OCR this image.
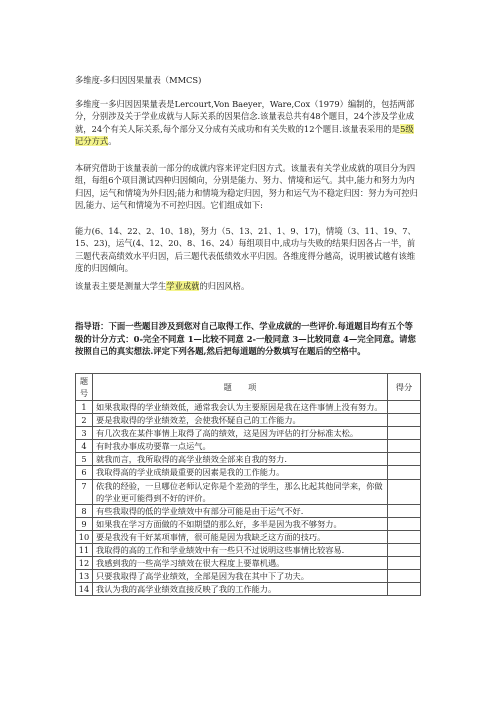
多维度-多归因因果量表（MMCS)
多维度一多归因因果量表是Lercourt,Von Baeyer，Ware,Cox（1979）编制的，包括两部分，分别涉及关于学业成就与人际关系的因果信念.该量表总共有48个题目，24个涉及学业成就，24个有关人际关系,每个部分又分成有关成功和有关失败的12个题目.该量表采用的是5级记分方式。
本研究借助于该量表前一部分的成就内容来评定归因方式。该量表有关学业成就的项目分为四组，每组6个项目测试四种归因倾向，分别是能力、努力、情境和运气。其中,能力和努力为内归因，运气和情境为外归因;能力和情境为稳定归因，努力和运气为不稳定归因：努力为可控归因,能力、运气和情境为不可控归因。它们组成如下:
能力(6、14、22、2、10、18)，努力（5、13、21、1、9、17)，情境（3、11、19、7、15、23)，运气(4、12、20、8、16、24）每组项目中,成功与失败的结果归因各占一半，前三题代表高绩效水平归因，后三题代表低绩效水平归因。各维度得分越高，说明被试越有该维度的归因倾向。
该量表主要是测量大学生学业成就的归因风格。
指导语：下面一些题目涉及到您对自己取得工作、学业成就的一些评价.每道题目均有五个等级的计分方式：0-完全不同意 1—比较不同意 2-一般同意 3—比较同意 4—完全同意。请您按照自己的真实想法.评定下列各题,然后把每道题的分数填写在题后的空格中。
题号	题　　项	得分
1	如果我取得的学业绩效低，通常我会认为主要原因是我在这件事情上没有努力。	
2	要是我取得的学业绩效差，会使我怀疑自己的工作能力。	
3	有几次我在某件事情上取得了高的绩效，这是因为评估的打分标准太松。	
4	有时我办事成功要靠一点运气。	
5	就我而言，我所取得的高学业绩效全部来自我的努力.	
6	我取得高的学业成绩最重要的因素是我的工作能力。	
7	依我的经验，一旦哪位老师认定你是个差劲的学生，那么比起其他同学来，你做的学业更可能得到不好的评价。	
8	有些我取得的低的学业绩效中有部分可能是由于运气不好.	
9	如果我在学习方面做的不如期望的那么好，多半是因为我不够努力。	
10	要是我没有干好某项事情，很可能是因为我缺乏这方面的技巧。	
11	我取得的高的工作和学业绩效中有一些只不过说明这些事情比较容易.	
12	我感到我的一些高学习绩效在很大程度上要靠机遇。	
13	只要我取得了高学业绩效，全部是因为我在其中下了功夫。	
14	我认为我的高学业绩效直接反映了我的工作能力。	
